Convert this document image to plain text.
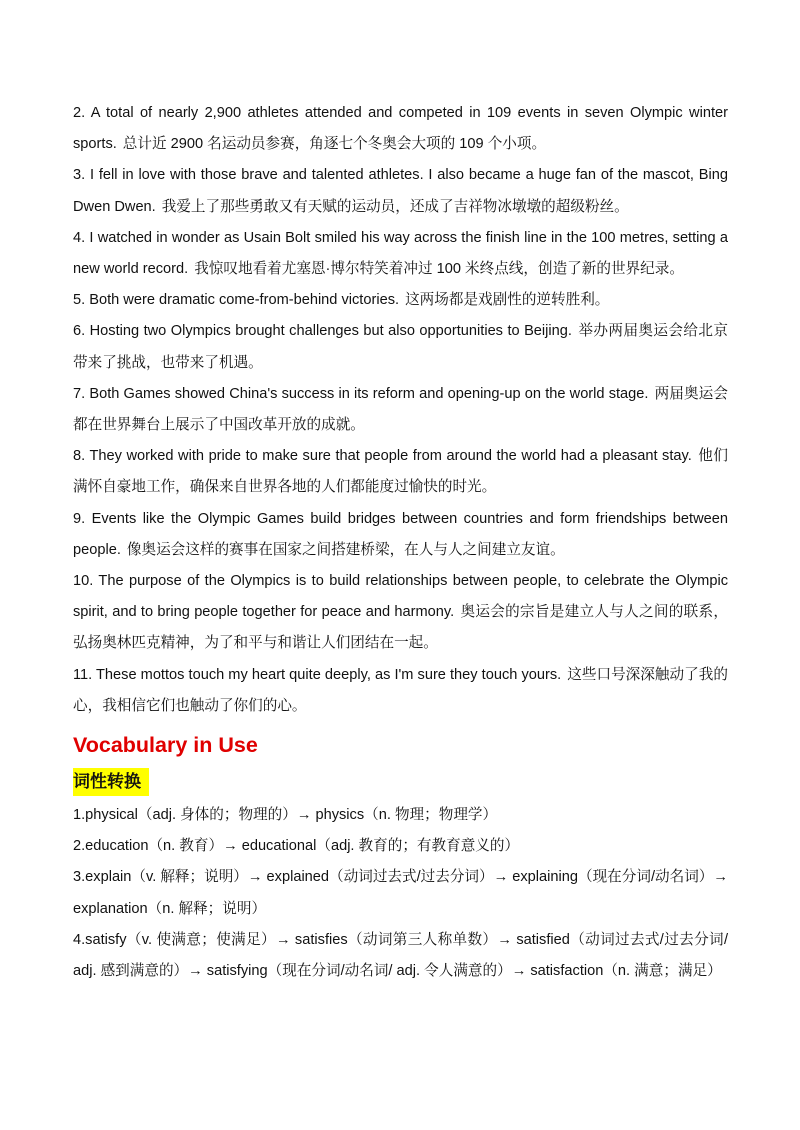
2. A total of nearly 2,900 athletes attended and competed in 109 events in seven Olympic winter sports. 总计近 2900 名运动员参赛，角逐七个冬奥会大项的 109 个小项。

3. I fell in love with those brave and talented athletes. I also became a huge fan of the mascot, Bing Dwen Dwen. 我爱上了那些勇敢又有天赋的运动员，还成了吉祥物冰墩墩的超级粉丝。

4. I watched in wonder as Usain Bolt smiled his way across the finish line in the 100 metres, setting a new world record. 我惊叹地看着尤塞恩·博尔特笑着冲过 100 米终点线，创造了新的世界纪录。

5. Both were dramatic come-from-behind victories. 这两场都是戏剧性的逆转胜利。

6. Hosting two Olympics brought challenges but also opportunities to Beijing. 举办两届奥运会给北京带来了挑战，也带来了机遇。

7. Both Games showed China's success in its reform and opening-up on the world stage. 两届奥运会都在世界舞台上展示了中国改革开放的成就。

8. They worked with pride to make sure that people from around the world had a pleasant stay. 他们满怀自豪地工作，确保来自世界各地的人们都能度过愉快的时光。

9. Events like the Olympic Games build bridges between countries and form friendships between people. 像奥运会这样的赛事在国家之间搭建桥梁，在人与人之间建立友谊。

10. The purpose of the Olympics is to build relationships between people, to celebrate the Olympic spirit, and to bring people together for peace and harmony. 奥运会的宗旨是建立人与人之间的联系，弘扬奥林匹克精神，为了和平与和谐让人们团结在一起。

11. These mottos touch my heart quite deeply, as I'm sure they touch yours. 这些口号深深触动了我的心，我相信它们也触动了你们的心。

Vocabulary in Use
词性转换

1.physical（adj. 身体的；物理的）→ physics（n. 物理；物理学）

2.education（n. 教育）→ educational（adj. 教育的；有教育意义的）

3.explain（v. 解释；说明）→ explained（动词过去式/过去分词）→ explaining（现在分词/动名词）→ explanation（n. 解释；说明）

4.satisfy（v. 使满意；使满足）→ satisfies（动词第三人称单数）→ satisfied（动词过去式/过去分词/ adj. 感到满意的）→ satisfying（现在分词/动名词/ adj. 令人满意的）→ satisfaction（n. 满意；满足）
